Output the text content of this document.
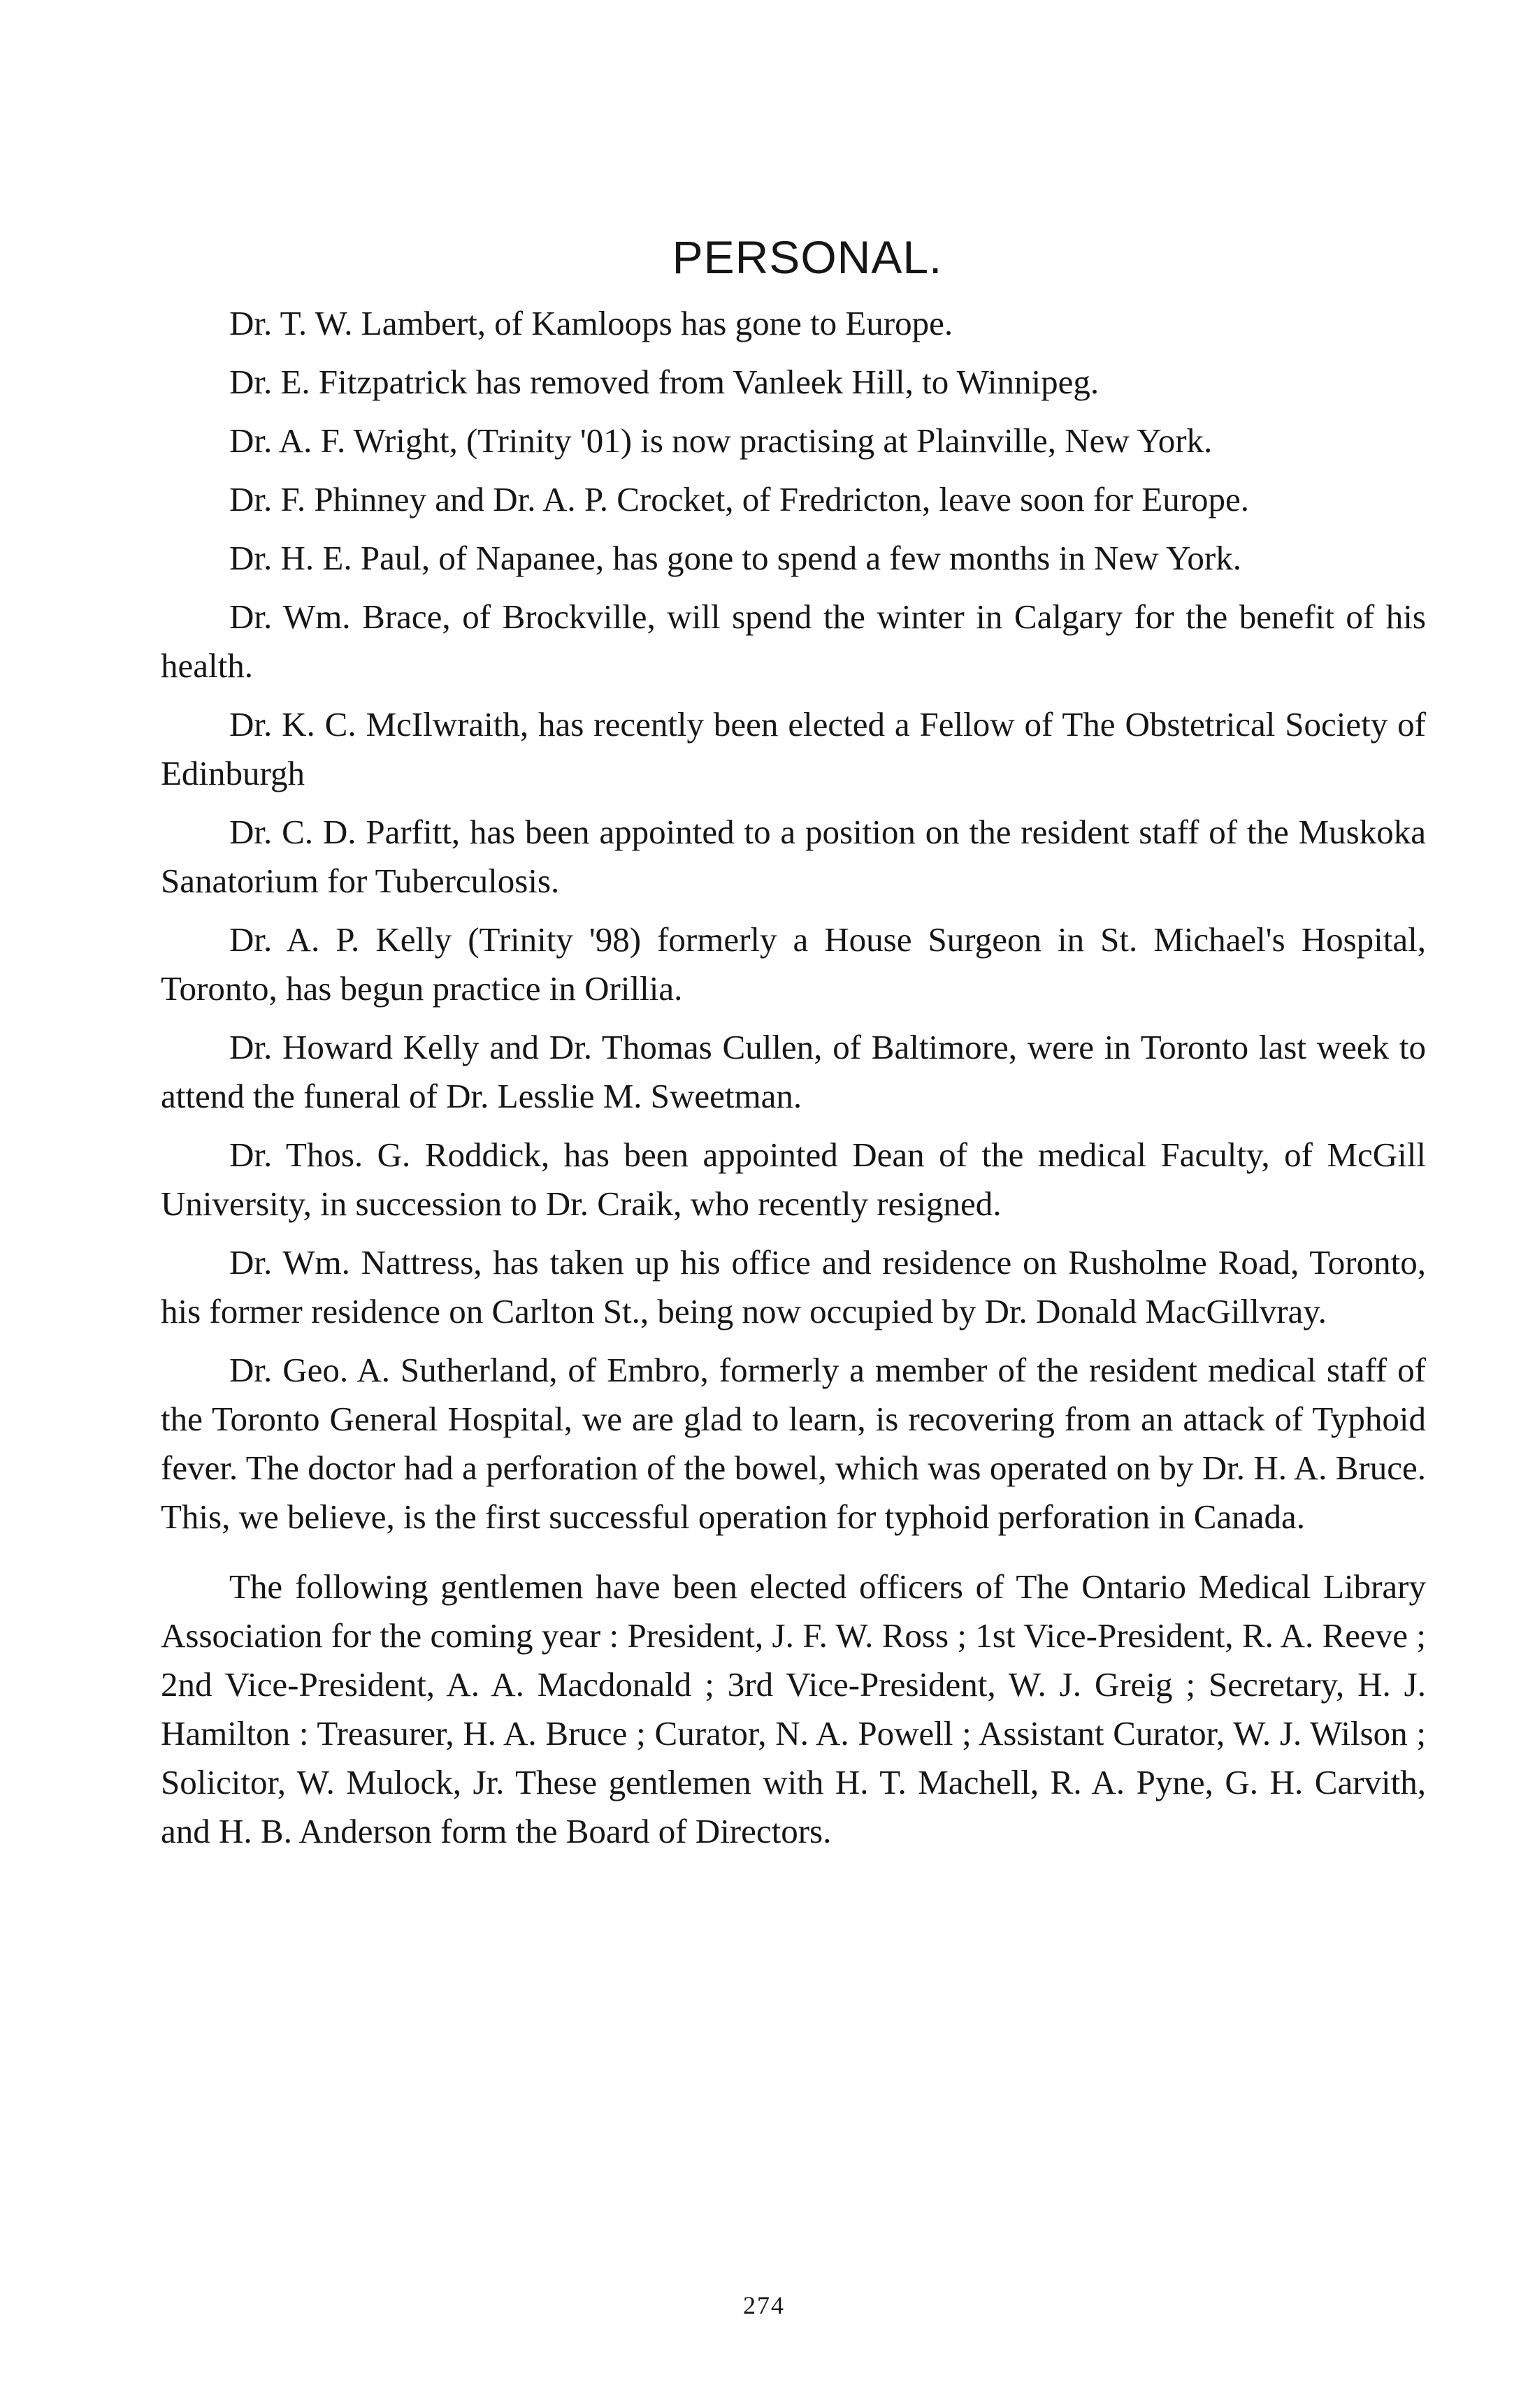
PERSONAL.

Dr. T. W. Lambert, of Kamloops has gone to Europe.

Dr. E. Fitzpatrick has removed from Vanleek Hill, to Winnipeg.

Dr. A. F. Wright, (Trinity '01) is now practising at Plainville, New York.

Dr. F. Phinney and Dr. A. P. Crocket, of Fredricton, leave soon for Europe.

Dr. H. E. Paul, of Napanee, has gone to spend a few months in New York.

Dr. Wm. Brace, of Brockville, will spend the winter in Calgary for the benefit of his health.

Dr. K. C. McIlwraith, has recently been elected a Fellow of The Obstetrical Society of Edinburgh

Dr. C. D. Parfitt, has been appointed to a position on the resident staff of the Muskoka Sanatorium for Tuberculosis.

Dr. A. P. Kelly (Trinity '98) formerly a House Surgeon in St. Michael's Hospital, Toronto, has begun practice in Orillia.

Dr. Howard Kelly and Dr. Thomas Cullen, of Baltimore, were in Toronto last week to attend the funeral of Dr. Lesslie M. Sweetman.

Dr. Thos. G. Roddick, has been appointed Dean of the medical Faculty, of McGill University, in succession to Dr. Craik, who recently resigned.

Dr. Wm. Nattress, has taken up his office and residence on Rusholme Road, Toronto, his former residence on Carlton St., being now occupied by Dr. Donald MacGillvray.

Dr. Geo. A. Sutherland, of Embro, formerly a member of the resident medical staff of the Toronto General Hospital, we are glad to learn, is recovering from an attack of Typhoid fever. The doctor had a perforation of the bowel, which was operated on by Dr. H. A. Bruce. This, we believe, is the first successful operation for typhoid perforation in Canada.

The following gentlemen have been elected officers of The Ontario Medical Library Association for the coming year : President, J. F. W. Ross ; 1st Vice-President, R. A. Reeve ; 2nd Vice-President, A. A. Macdonald ; 3rd Vice-President, W. J. Greig ; Secretary, H. J. Hamilton : Treasurer, H. A. Bruce ; Curator, N. A. Powell ; Assistant Curator, W. J. Wilson ; Solicitor, W. Mulock, Jr. These gentlemen with H. T. Machell, R. A. Pyne, G. H. Carvith, and H. B. Anderson form the Board of Directors.

274
